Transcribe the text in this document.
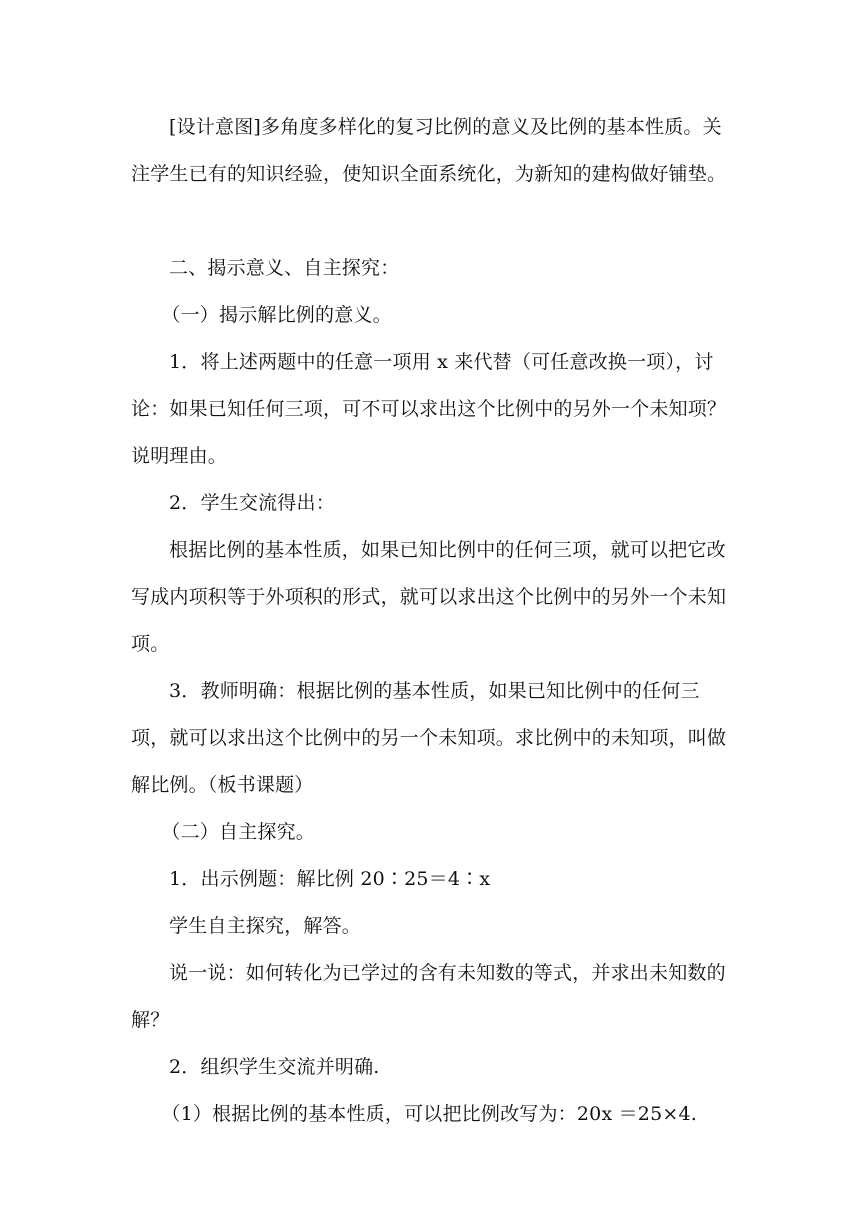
[设计意图]多角度多样化的复习比例的意义及比例的基本性质。关注学生已有的知识经验，使知识全面系统化，为新知的建构做好铺垫。

二、揭示意义、自主探究：

（一）揭示解比例的意义。

1．将上述两题中的任意一项用 x 来代替（可任意改换一项），讨论：如果已知任何三项，可不可以求出这个比例中的另外一个未知项？说明理由。

2．学生交流得出：

根据比例的基本性质，如果已知比例中的任何三项，就可以把它改写成内项积等于外项积的形式，就可以求出这个比例中的另外一个未知项。

3．教师明确：根据比例的基本性质，如果已知比例中的任何三项，就可以求出这个比例中的另一个未知项。求比例中的未知项，叫做解比例。（板书课题）

（二）自主探究。

1．出示例题：解比例 20∶25＝4∶x

学生自主探究，解答。

说一说：如何转化为已学过的含有未知数的等式，并求出未知数的解？

2．组织学生交流并明确.

（1）根据比例的基本性质，可以把比例改写为：20x ＝25×4.
